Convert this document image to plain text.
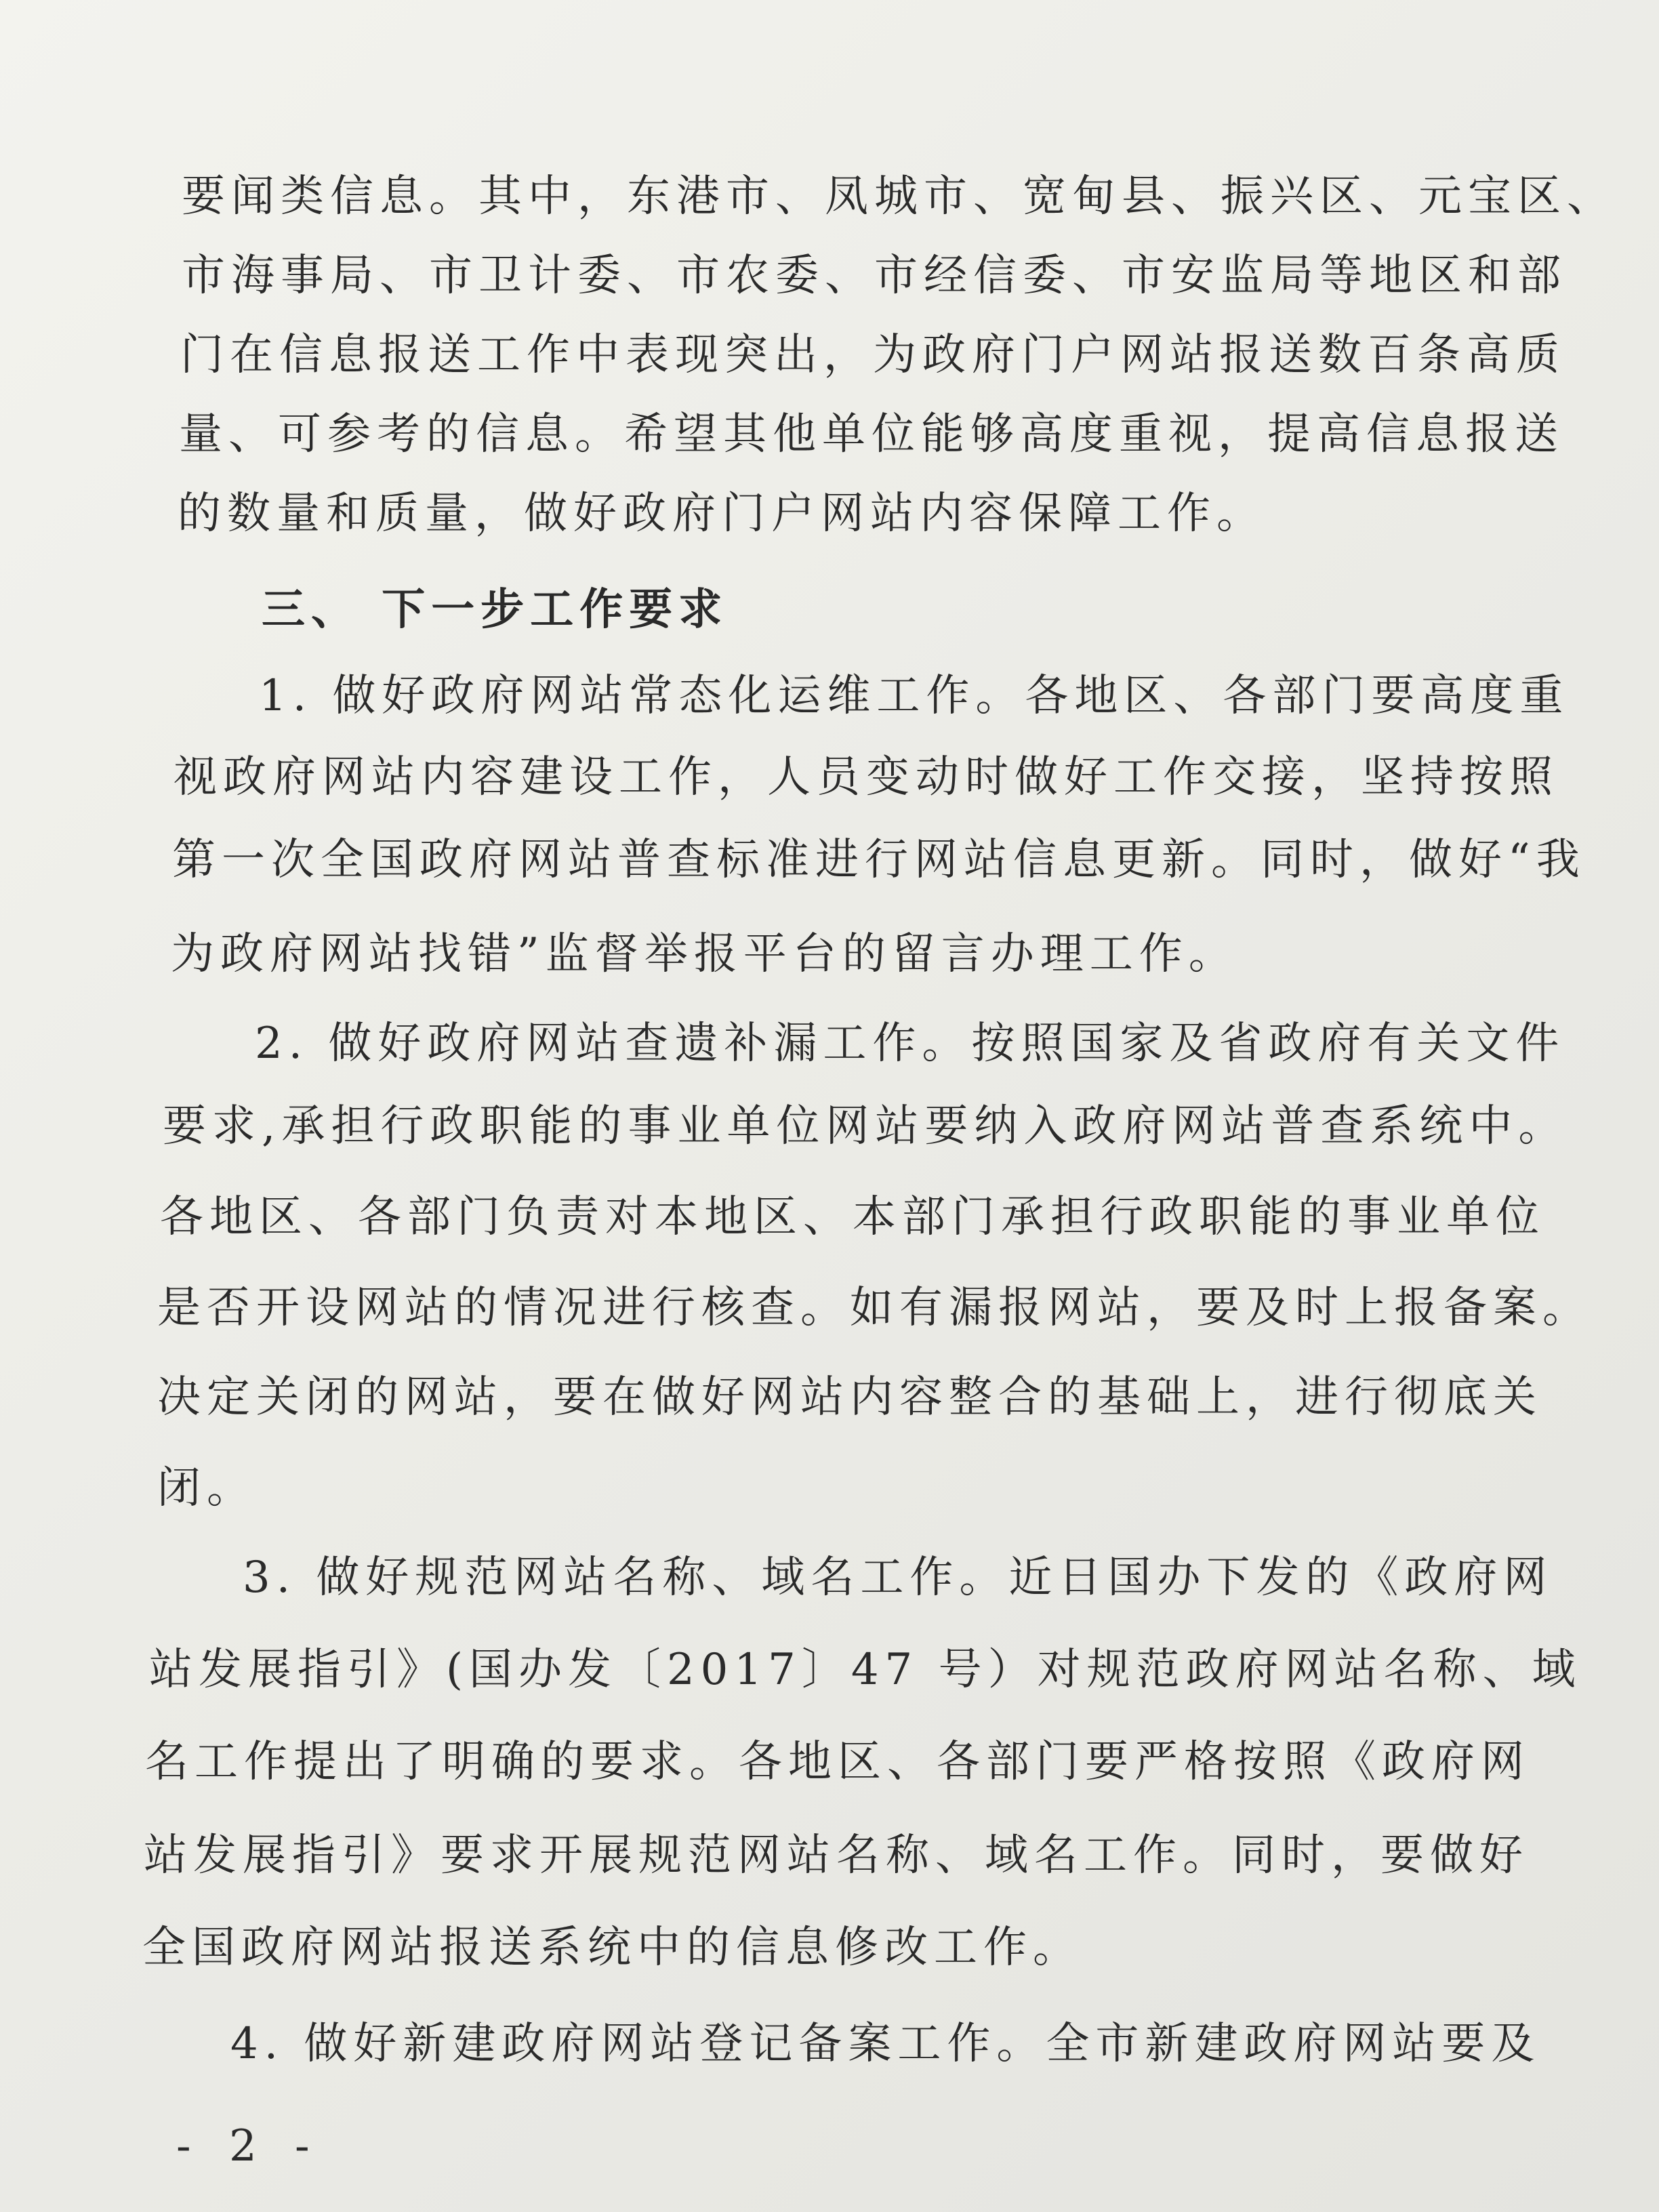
要闻类信息。其中，东港市、凤城市、宽甸县、振兴区、元宝区、
市海事局、市卫计委、市农委、市经信委、市安监局等地区和部
门在信息报送工作中表现突出，为政府门户网站报送数百条高质
量、可参考的信息。希望其他单位能够高度重视，提高信息报送
的数量和质量，做好政府门户网站内容保障工作。
三、 下一步工作要求
1. 做好政府网站常态化运维工作。各地区、各部门要高度重
视政府网站内容建设工作，人员变动时做好工作交接，坚持按照
第一次全国政府网站普查标准进行网站信息更新。同时，做好“我
为政府网站找错”监督举报平台的留言办理工作。
2. 做好政府网站查遗补漏工作。按照国家及省政府有关文件
要求,承担行政职能的事业单位网站要纳入政府网站普查系统中。
各地区、各部门负责对本地区、本部门承担行政职能的事业单位
是否开设网站的情况进行核查。如有漏报网站，要及时上报备案。
决定关闭的网站，要在做好网站内容整合的基础上，进行彻底关
闭。
3. 做好规范网站名称、域名工作。近日国办下发的《政府网
站发展指引》(国办发〔2017〕47 号）对规范政府网站名称、域
名工作提出了明确的要求。各地区、各部门要严格按照《政府网
站发展指引》要求开展规范网站名称、域名工作。同时，要做好
全国政府网站报送系统中的信息修改工作。
4. 做好新建政府网站登记备案工作。全市新建政府网站要及
- 2 -
